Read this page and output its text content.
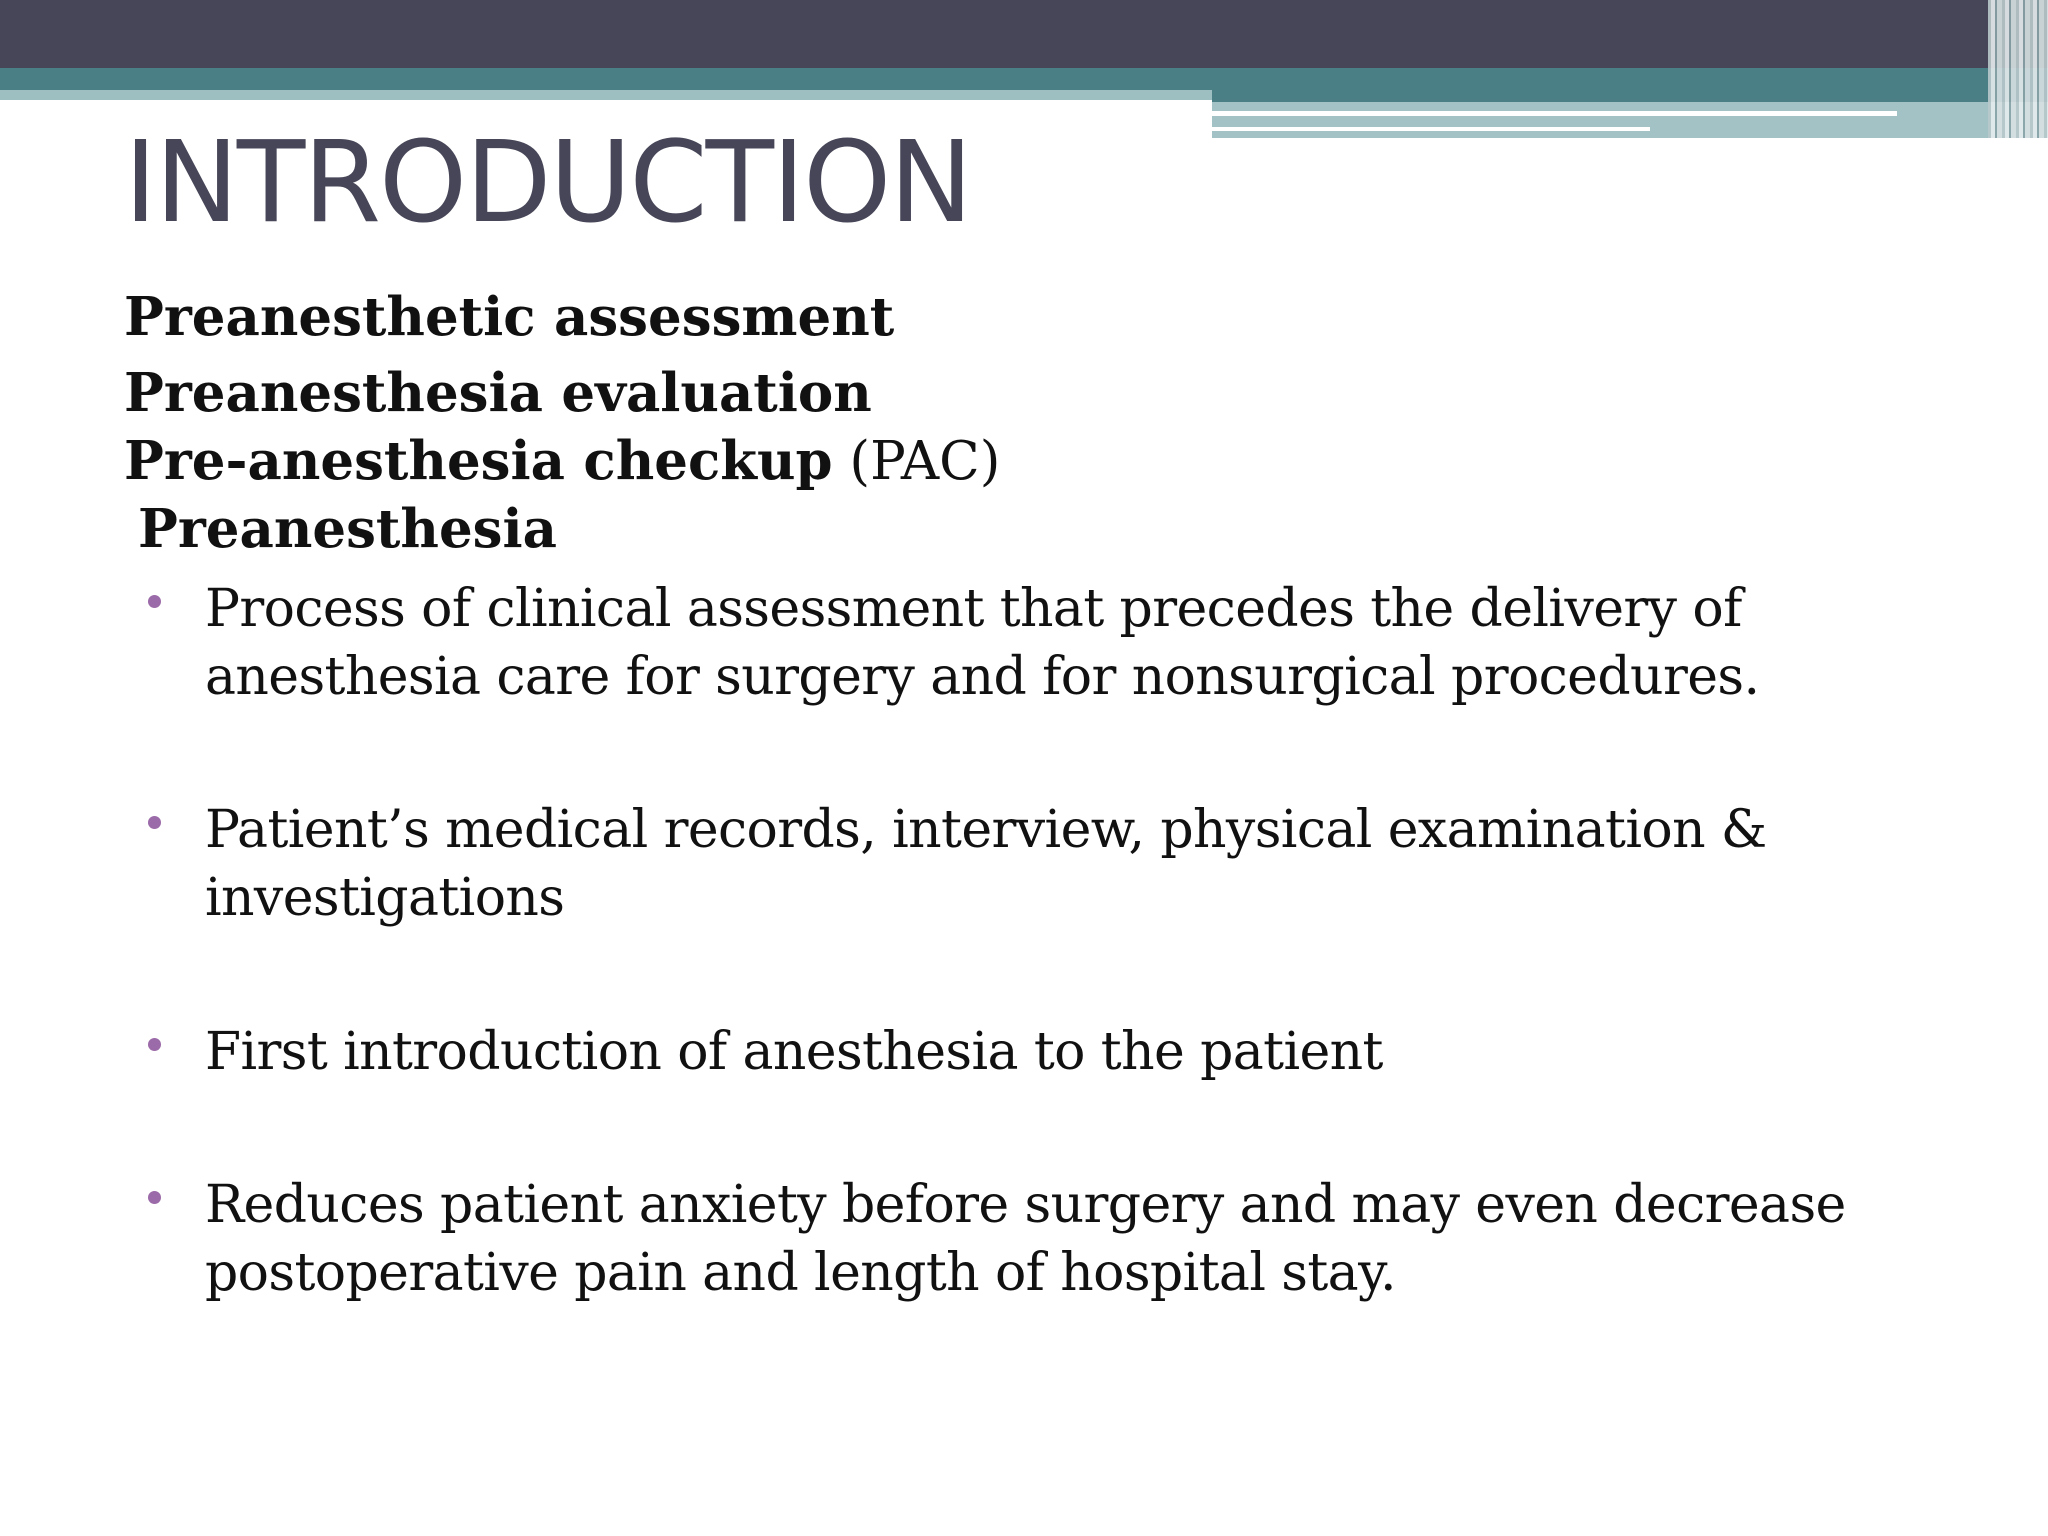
INTRODUCTION
Preanesthetic assessment
Preanesthesia evaluation
Pre-anesthesia checkup (PAC)
Preanesthesia
Process of clinical assessment that precedes the delivery of anesthesia care for surgery and for nonsurgical procedures.
Patient’s medical records, interview, physical examination & investigations
First introduction of anesthesia to the patient
Reduces patient anxiety before surgery and may even decrease postoperative pain and length of hospital stay.
